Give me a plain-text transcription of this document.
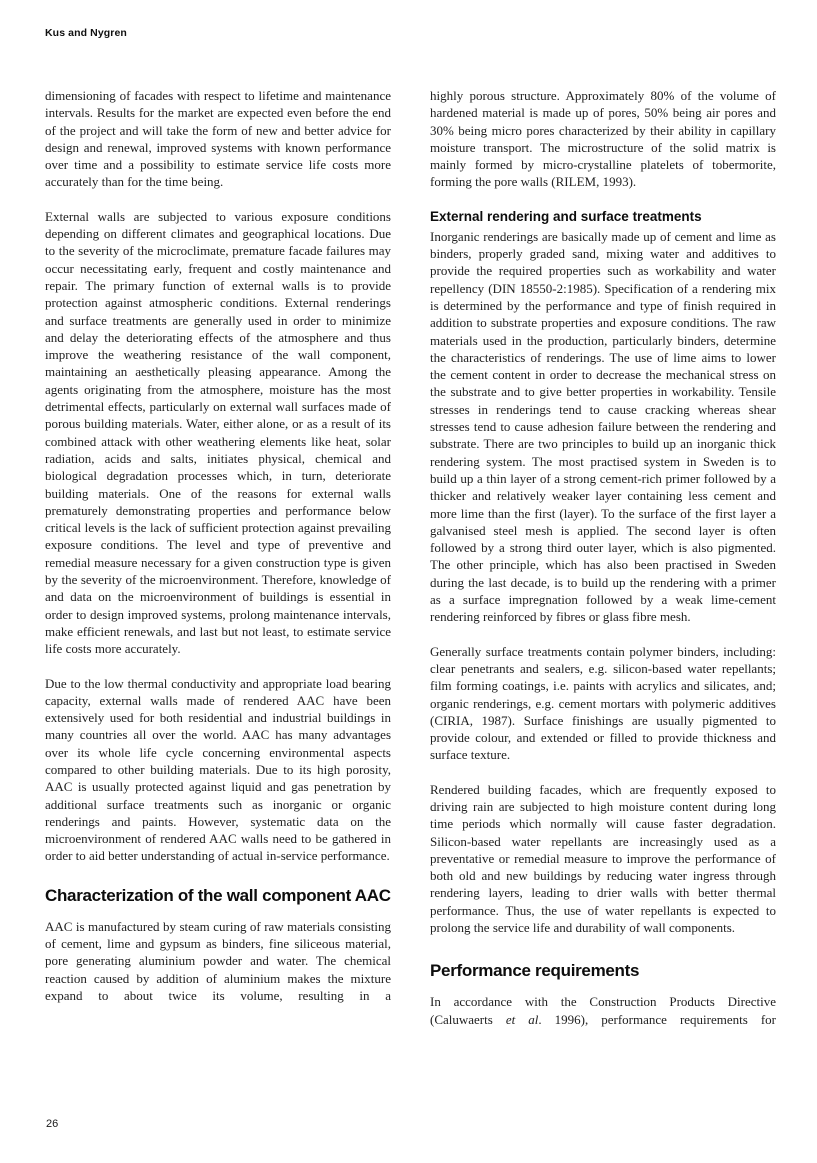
Kus and Nygren

dimensioning of facades with respect to lifetime and maintenance intervals. Results for the market are expected even before the end of the project and will take the form of new and better advice for design and renewal, improved systems with known performance over time and a possibility to estimate service life costs more accurately than for the time being.

External walls are subjected to various exposure conditions depending on different climates and geographical locations. Due to the severity of the microclimate, premature facade failures may occur necessitating early, frequent and costly maintenance and repair. The primary function of external walls is to provide protection against atmospheric conditions. External renderings and surface treatments are generally used in order to minimize and delay the deteriorating effects of the atmosphere and thus improve the weathering resistance of the wall component, maintaining an aesthetically pleasing appearance. Among the agents originating from the atmosphere, moisture has the most detrimental effects, particularly on external wall surfaces made of porous building materials. Water, either alone, or as a result of its combined attack with other weathering elements like heat, solar radiation, acids and salts, initiates physical, chemical and biological degradation processes which, in turn, deteriorate building materials. One of the reasons for external walls prematurely demonstrating properties and performance below critical levels is the lack of sufficient protection against prevailing exposure conditions. The level and type of preventive and remedial measure necessary for a given construction type is given by the severity of the microenvironment. Therefore, knowledge of and data on the microenvironment of buildings is essential in order to design improved systems, prolong maintenance intervals, make efficient renewals, and last but not least, to estimate service life costs more accurately.

Due to the low thermal conductivity and appropriate load bearing capacity, external walls made of rendered AAC have been extensively used for both residential and industrial buildings in many countries all over the world. AAC has many advantages over its whole life cycle concerning environmental aspects compared to other building materials. Due to its high porosity, AAC is usually protected against liquid and gas penetration by additional surface treatments such as inorganic or organic renderings and paints. However, systematic data on the microenvironment of rendered AAC walls need to be gathered in order to aid better understanding of actual in-service performance.

Characterization of the wall component AAC

AAC is manufactured by steam curing of raw materials consisting of cement, lime and gypsum as binders, fine siliceous material, pore generating aluminium powder and water. The chemical reaction caused by addition of aluminium makes the mixture expand to about twice its volume, resulting in a

highly porous structure. Approximately 80% of the volume of hardened material is made up of pores, 50% being air pores and 30% being micro pores characterized by their ability in capillary moisture transport. The microstructure of the solid matrix is mainly formed by micro-crystalline platelets of tobermorite, forming the pore walls (RILEM, 1993).

External rendering and surface treatments

Inorganic renderings are basically made up of cement and lime as binders, properly graded sand, mixing water and additives to provide the required properties such as workability and water repellency (DIN 18550-2:1985). Specification of a rendering mix is determined by the performance and type of finish required in addition to substrate properties and exposure conditions. The raw materials used in the production, particularly binders, determine the characteristics of renderings. The use of lime aims to lower the cement content in order to decrease the mechanical stress on the substrate and to give better properties in workability. Tensile stresses in renderings tend to cause cracking whereas shear stresses tend to cause adhesion failure between the rendering and substrate. There are two principles to build up an inorganic thick rendering system. The most practised system in Sweden is to build up a thin layer of a strong cement-rich primer followed by a thicker and relatively weaker layer containing less cement and more lime than the first (layer). To the surface of the first layer a galvanised steel mesh is applied. The second layer is often followed by a strong third outer layer, which is also pigmented. The other principle, which has also been practised in Sweden during the last decade, is to build up the rendering with a primer as a surface impregnation followed by a weak lime-cement rendering reinforced by fibres or glass fibre mesh.

Generally surface treatments contain polymer binders, including: clear penetrants and sealers, e.g. silicon-based water repellants; film forming coatings, i.e. paints with acrylics and silicates, and; organic renderings, e.g. cement mortars with polymeric additives (CIRIA, 1987). Surface finishings are usually pigmented to provide colour, and extended or filled to provide thickness and surface texture.

Rendered building facades, which are frequently exposed to driving rain are subjected to high moisture content during long time periods which normally will cause faster degradation. Silicon-based water repellants are increasingly used as a preventative or remedial measure to improve the performance of both old and new buildings by reducing water ingress through rendering layers, leading to drier walls with better thermal performance. Thus, the use of water repellants is expected to prolong the service life and durability of wall components.

Performance requirements

In accordance with the Construction Products Directive (Caluwaerts et al. 1996), performance requirements for

26
